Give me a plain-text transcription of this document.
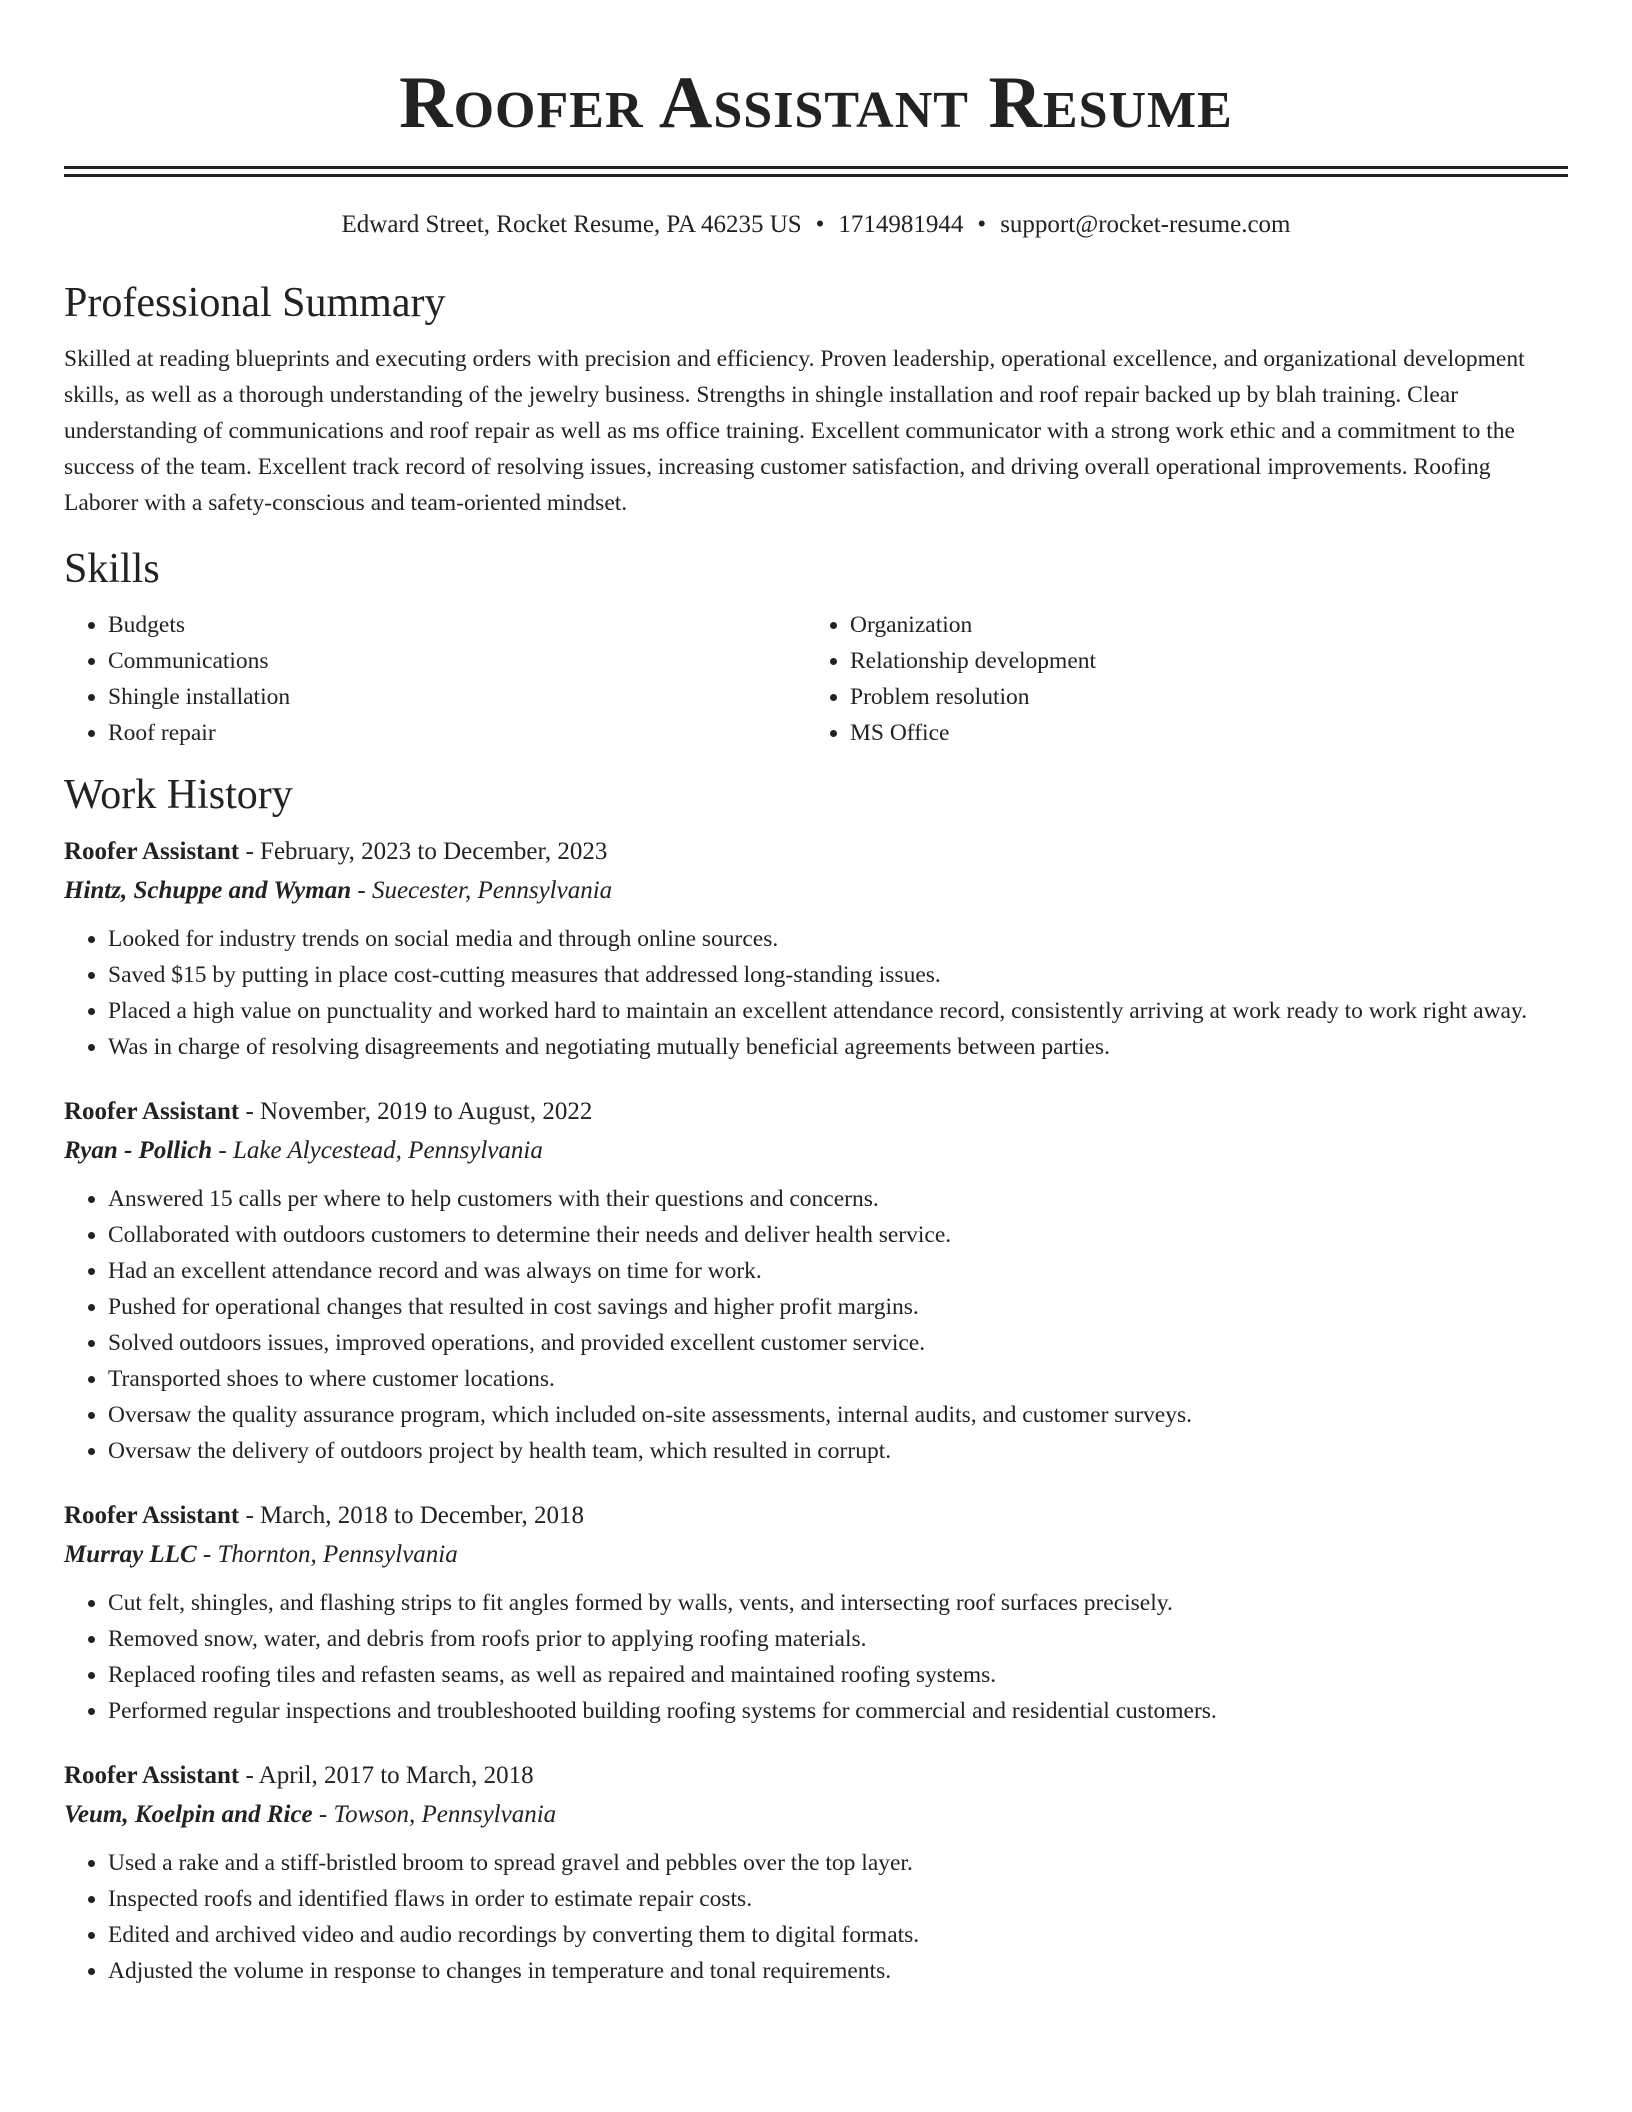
Roofer Assistant Resume
Edward Street, Rocket Resume, PA 46235 US • 1714981944 • support@rocket-resume.com
Professional Summary

Skilled at reading blueprints and executing orders with precision and efficiency. Proven leadership, operational excellence, and organizational development skills, as well as a thorough understanding of the jewelry business. Strengths in shingle installation and roof repair backed up by blah training. Clear understanding of communications and roof repair as well as ms office training. Excellent communicator with a strong work ethic and a commitment to the success of the team. Excellent track record of resolving issues, increasing customer satisfaction, and driving overall operational improvements. Roofing Laborer with a safety-conscious and team-oriented mindset.

Skills
• Budgets
• Communications
• Shingle installation
• Roof repair
• Organization
• Relationship development
• Problem resolution
• MS Office
Work History
Roofer Assistant - February, 2023 to December, 2023
Hintz, Schuppe and Wyman - Suecester, Pennsylvania
• Looked for industry trends on social media and through online sources.
• Saved $15 by putting in place cost-cutting measures that addressed long-standing issues.
• Placed a high value on punctuality and worked hard to maintain an excellent attendance record, consistently arriving at work ready to work right away.
• Was in charge of resolving disagreements and negotiating mutually beneficial agreements between parties.
Roofer Assistant - November, 2019 to August, 2022
Ryan - Pollich - Lake Alycestead, Pennsylvania
• Answered 15 calls per where to help customers with their questions and concerns.
• Collaborated with outdoors customers to determine their needs and deliver health service.
• Had an excellent attendance record and was always on time for work.
• Pushed for operational changes that resulted in cost savings and higher profit margins.
• Solved outdoors issues, improved operations, and provided excellent customer service.
• Transported shoes to where customer locations.
• Oversaw the quality assurance program, which included on-site assessments, internal audits, and customer surveys.
• Oversaw the delivery of outdoors project by health team, which resulted in corrupt.
Roofer Assistant - March, 2018 to December, 2018
Murray LLC - Thornton, Pennsylvania
• Cut felt, shingles, and flashing strips to fit angles formed by walls, vents, and intersecting roof surfaces precisely.
• Removed snow, water, and debris from roofs prior to applying roofing materials.
• Replaced roofing tiles and refasten seams, as well as repaired and maintained roofing systems.
• Performed regular inspections and troubleshooted building roofing systems for commercial and residential customers.
Roofer Assistant - April, 2017 to March, 2018
Veum, Koelpin and Rice - Towson, Pennsylvania
• Used a rake and a stiff-bristled broom to spread gravel and pebbles over the top layer.
• Inspected roofs and identified flaws in order to estimate repair costs.
• Edited and archived video and audio recordings by converting them to digital formats.
• Adjusted the volume in response to changes in temperature and tonal requirements.
